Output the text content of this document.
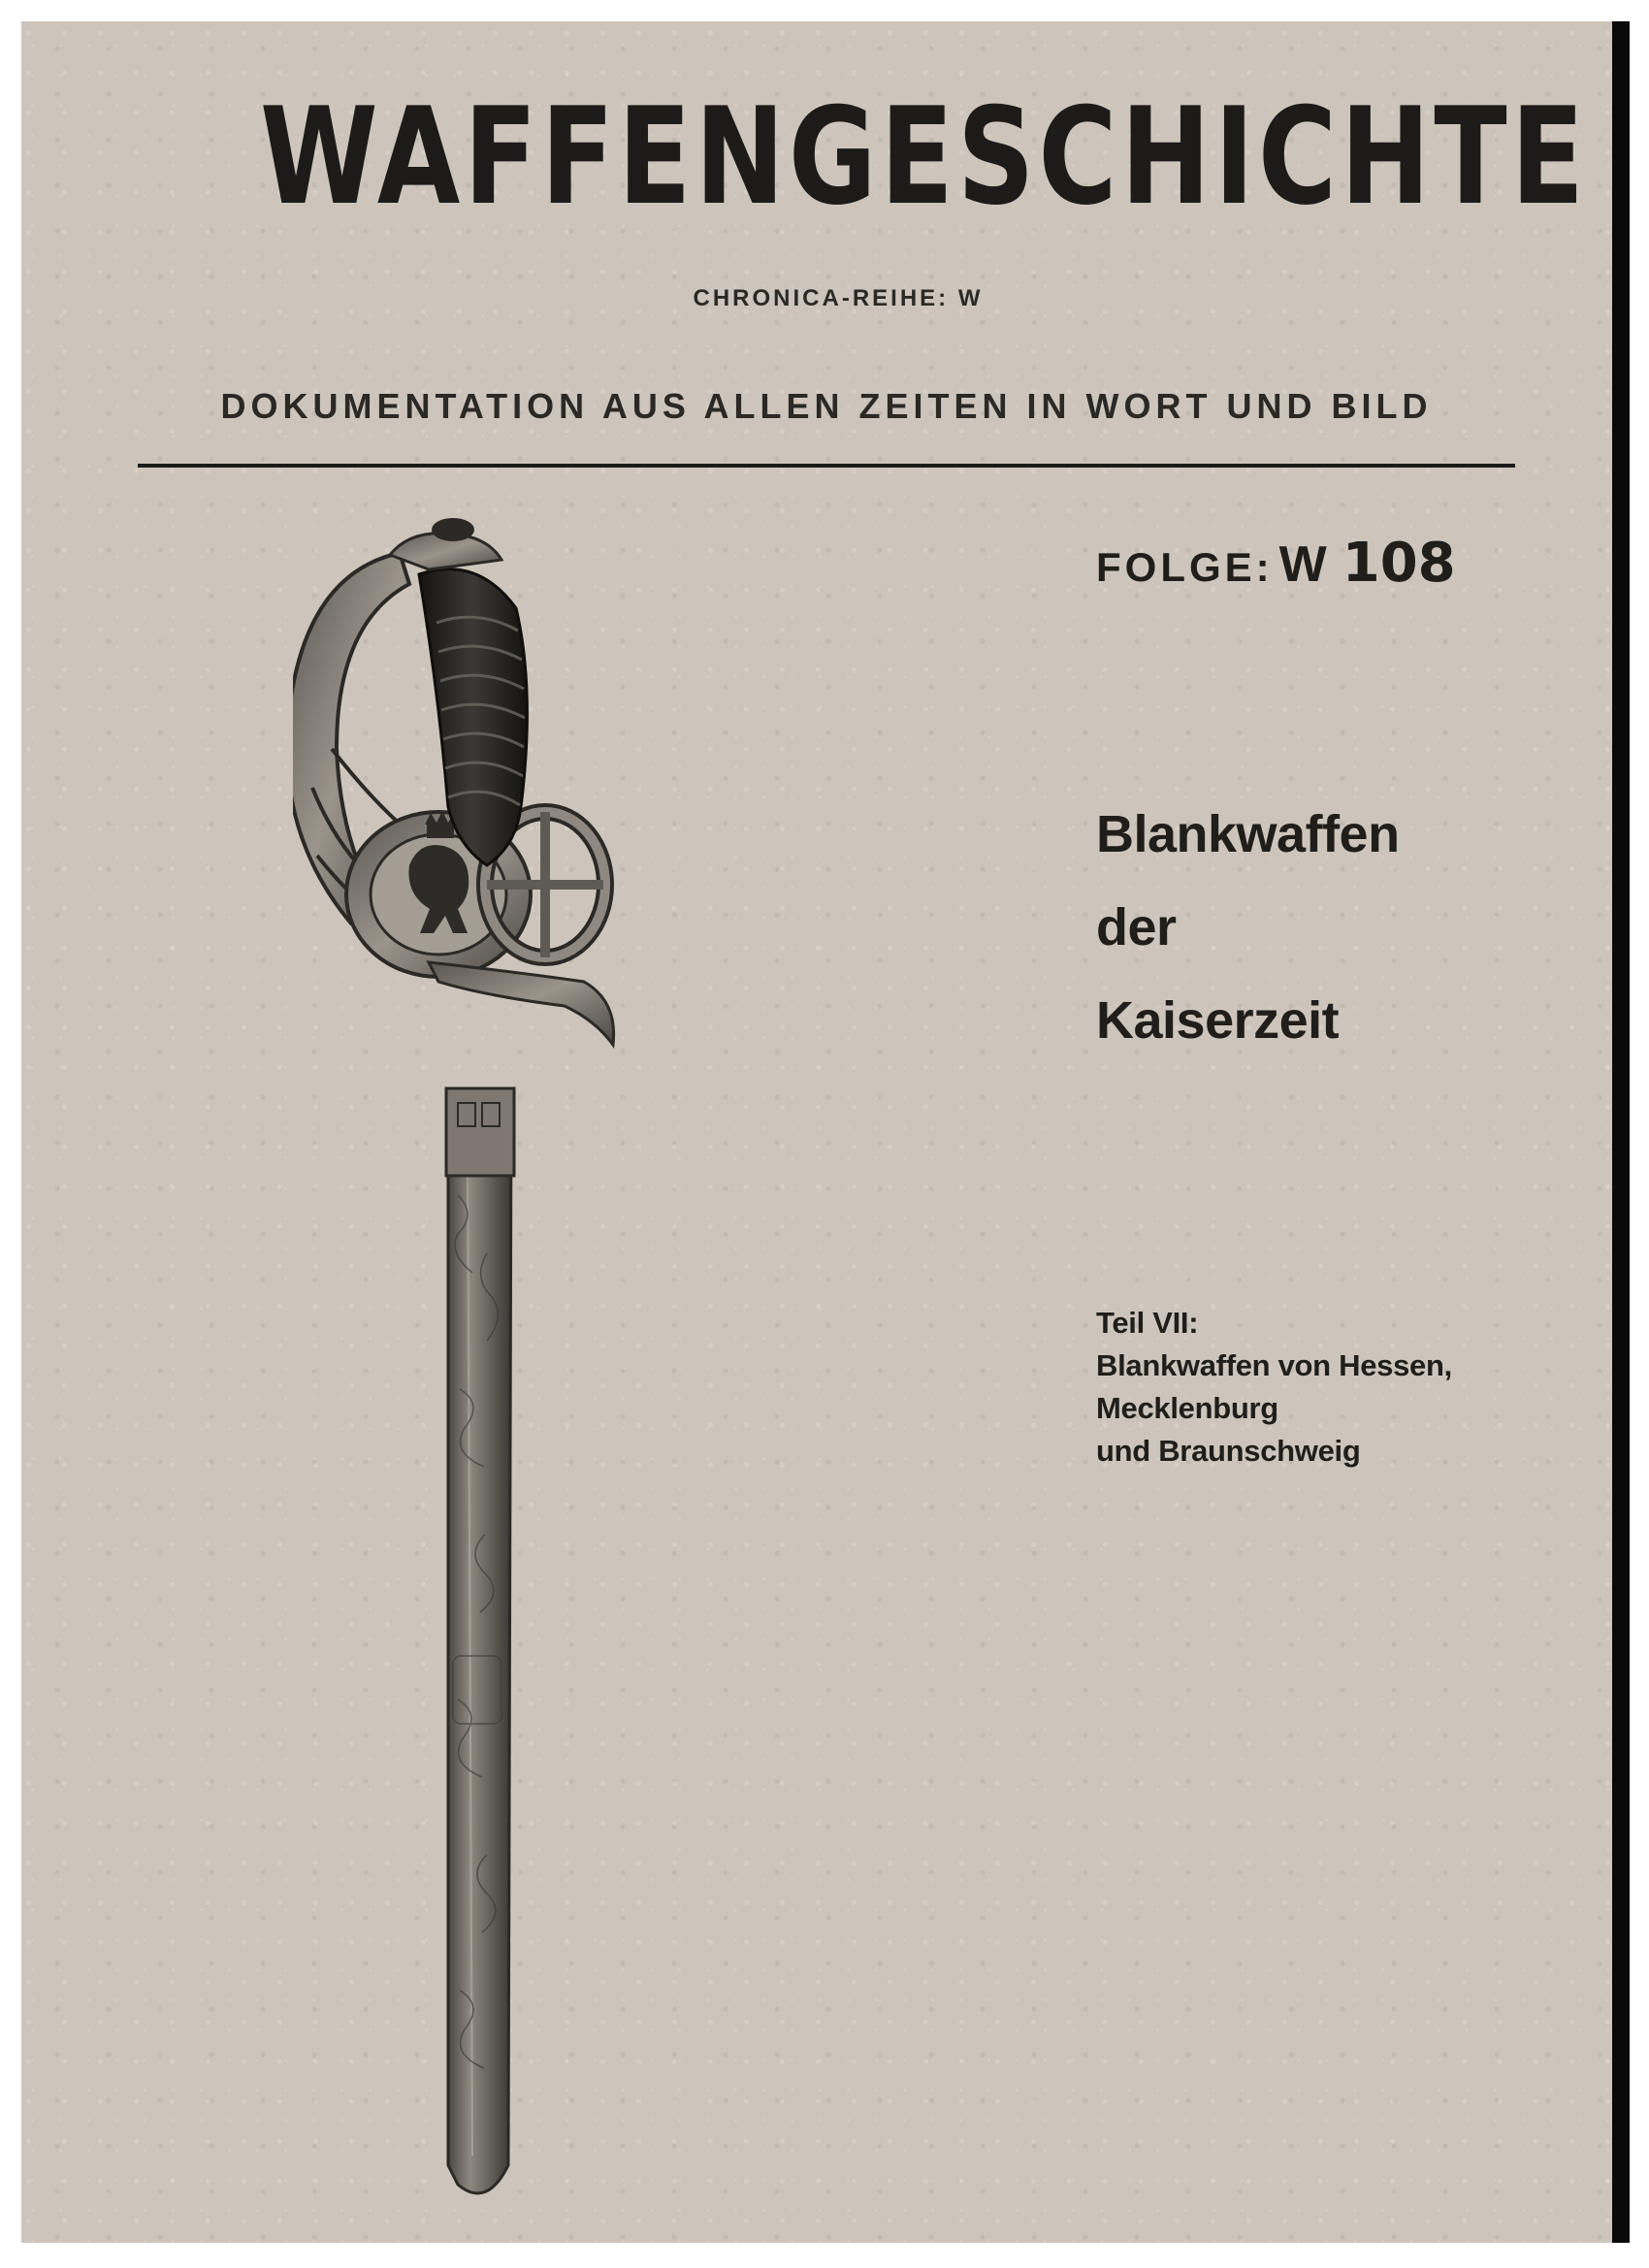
WAFFENGESCHICHTE
CHRONICA-REIHE: W
DOKUMENTATION AUS ALLEN ZEITEN IN WORT UND BILD
FOLGE: W 108
Blankwaffen
der
Kaiserzeit
Teil VII:
Blankwaffen von Hessen,
Mecklenburg
und Braunschweig
